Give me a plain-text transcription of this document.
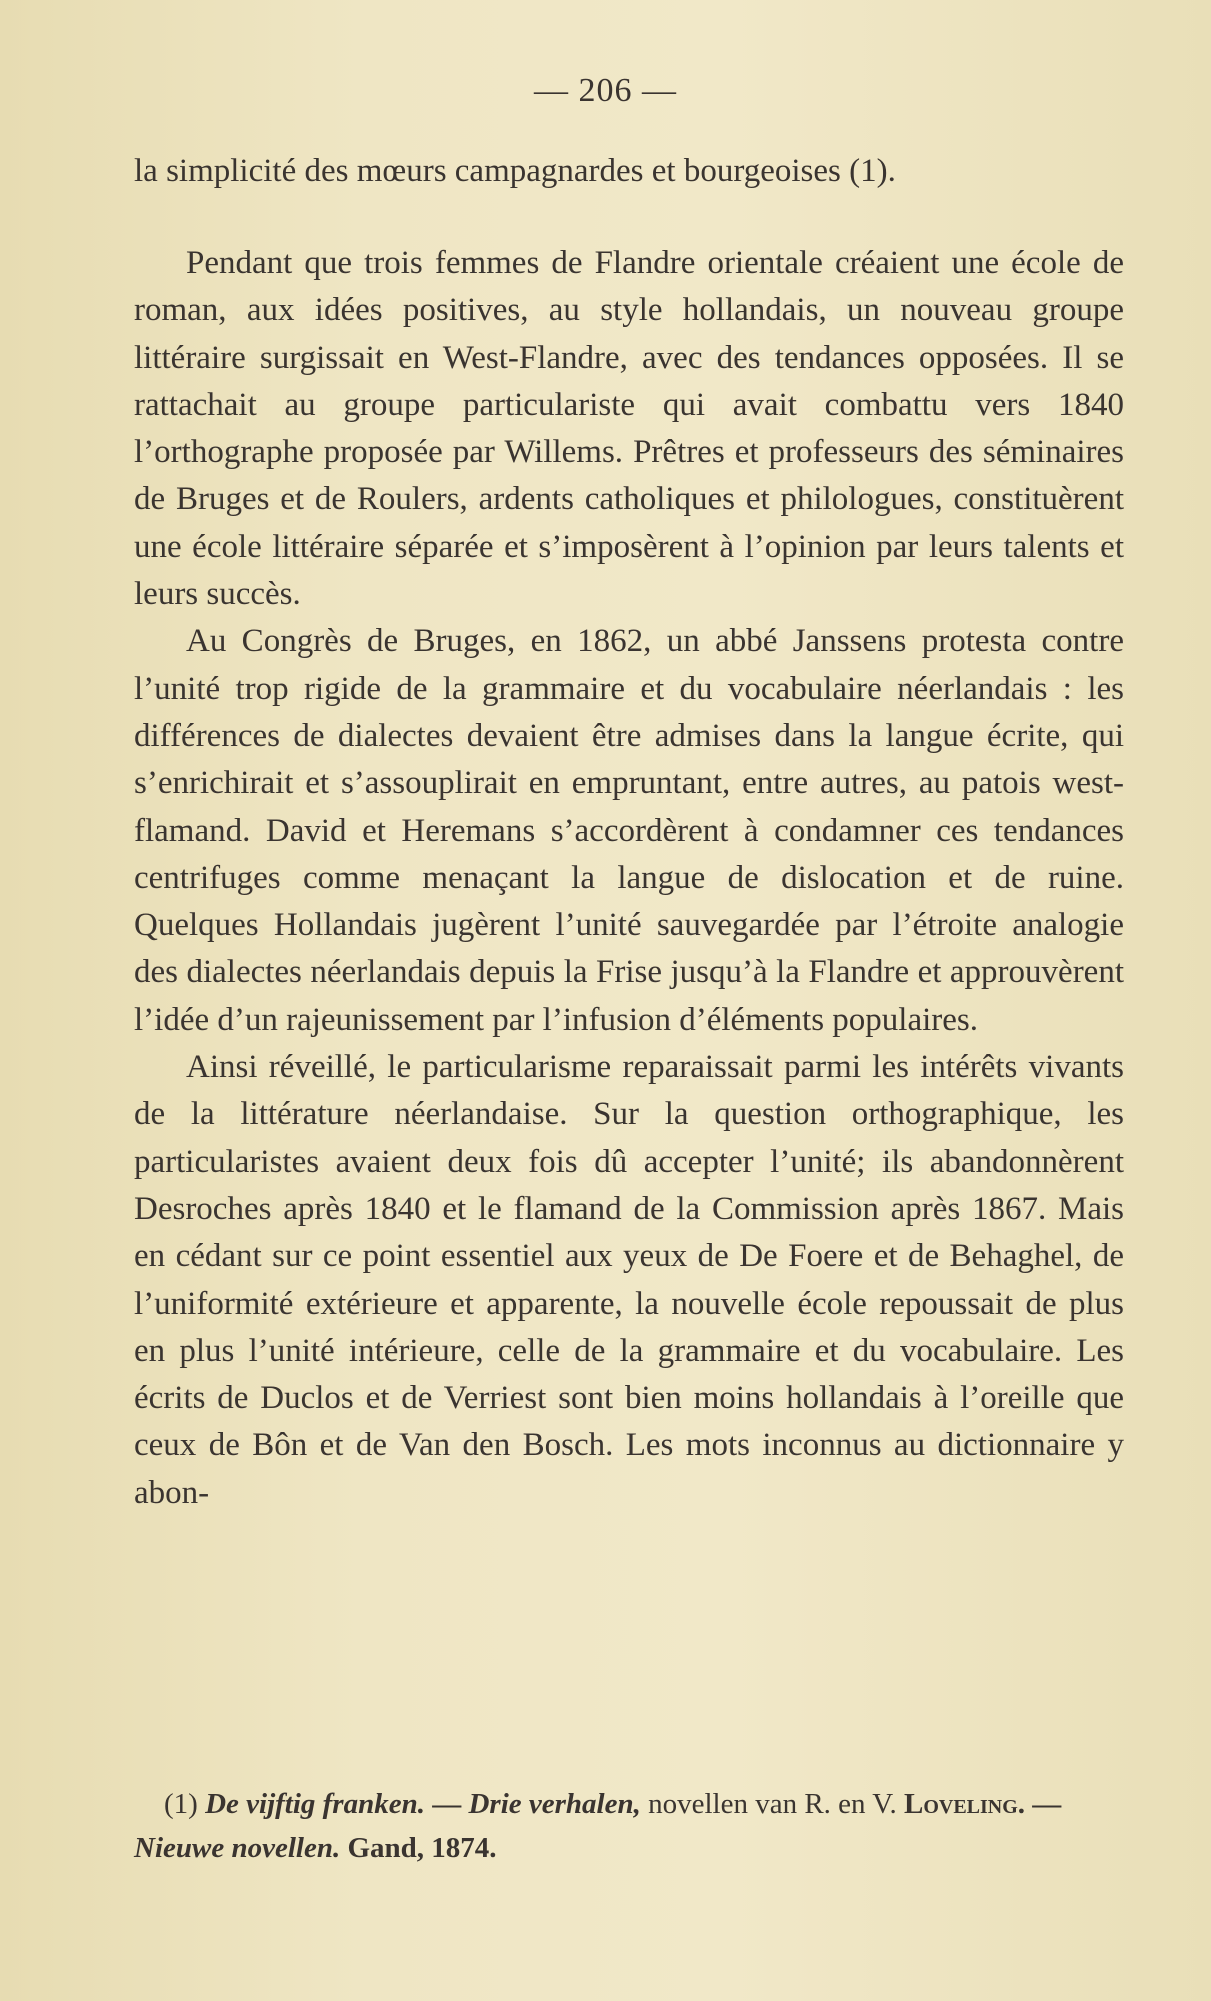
— 206 —

la simplicité des mœurs campagnardes et bourgeoises (1).

Pendant que trois femmes de Flandre orientale créaient une école de roman, aux idées positives, au style hollandais, un nouveau groupe littéraire surgissait en West-Flandre, avec des tendances opposées. Il se rattachait au groupe particulariste qui avait combattu vers 1840 l’orthographe proposée par Willems. Prêtres et professeurs des séminaires de Bruges et de Roulers, ardents catholiques et philologues, constituèrent une école littéraire séparée et s’imposèrent à l’opinion par leurs talents et leurs succès.

Au Congrès de Bruges, en 1862, un abbé Janssens protesta contre l’unité trop rigide de la grammaire et du vocabulaire néerlandais : les différences de dialectes devaient être admises dans la langue écrite, qui s’enrichirait et s’assouplirait en empruntant, entre autres, au patois west-flamand. David et Heremans s’accordèrent à condamner ces tendances centrifuges comme menaçant la langue de dislocation et de ruine. Quelques Hollandais jugèrent l’unité sauvegardée par l’étroite analogie des dialectes néerlandais depuis la Frise jusqu’à la Flandre et approuvèrent l’idée d’un rajeunissement par l’infusion d’éléments populaires.

Ainsi réveillé, le particularisme reparaissait parmi les intérêts vivants de la littérature néerlandaise. Sur la question orthographique, les particularistes avaient deux fois dû accepter l’unité; ils abandonnèrent Desroches après 1840 et le flamand de la Commission après 1867. Mais en cédant sur ce point essentiel aux yeux de De Foere et de Behaghel, de l’uniformité extérieure et apparente, la nouvelle école repoussait de plus en plus l’unité intérieure, celle de la grammaire et du vocabulaire. Les écrits de Duclos et de Verriest sont bien moins hollandais à l’oreille que ceux de Bôn et de Van den Bosch. Les mots inconnus au dictionnaire y abon-

(1) De vijftig franken. — Drie verhalen, novellen van R. en V. Loveling. — Nieuwe novellen. Gand, 1874.
